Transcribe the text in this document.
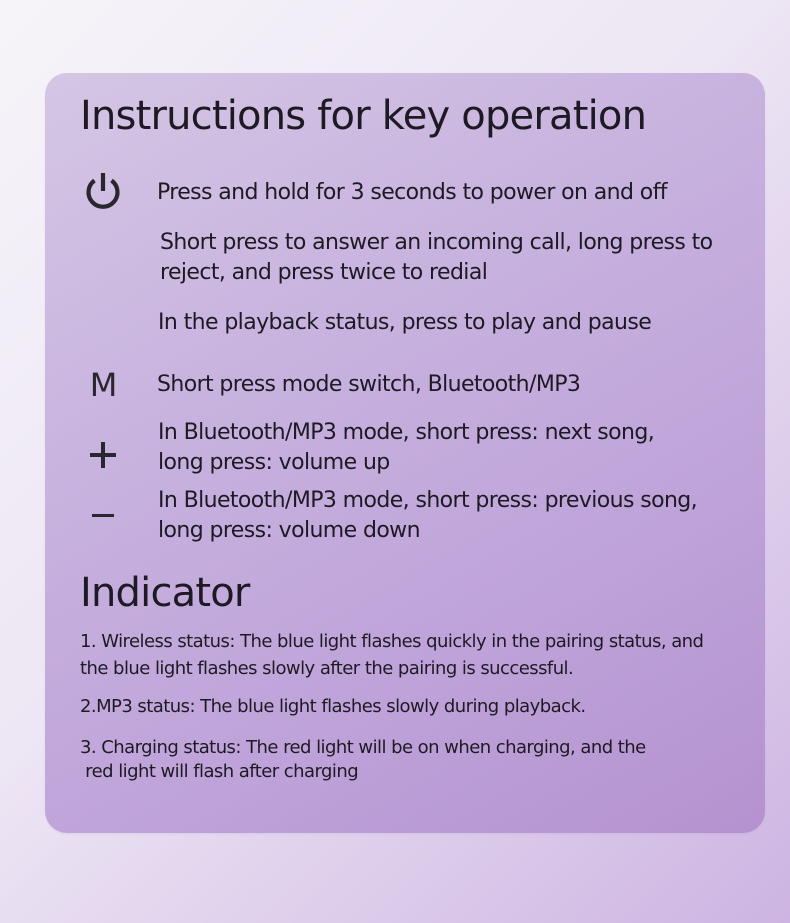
Instructions for key operation

Press and hold for 3 seconds to power on and off

Short press to answer an incoming call, long press to

reject, and press twice to redial

In the playback status, press to play and pause

M	Short press mode switch, Bluetooth/MP3

In Bluetooth/MP3 mode, short press: next song,

long press: volume up

In Bluetooth/MP3 mode, short press: previous song,

long press: volume down

Indicator

1. Wireless status: The blue light flashes quickly in the pairing status, and

the blue light flashes slowly after the pairing is successful.

2.MP3 status: The blue light flashes slowly during playback.

3. Charging status: The red light will be on when charging, and the

red light will flash after charging
